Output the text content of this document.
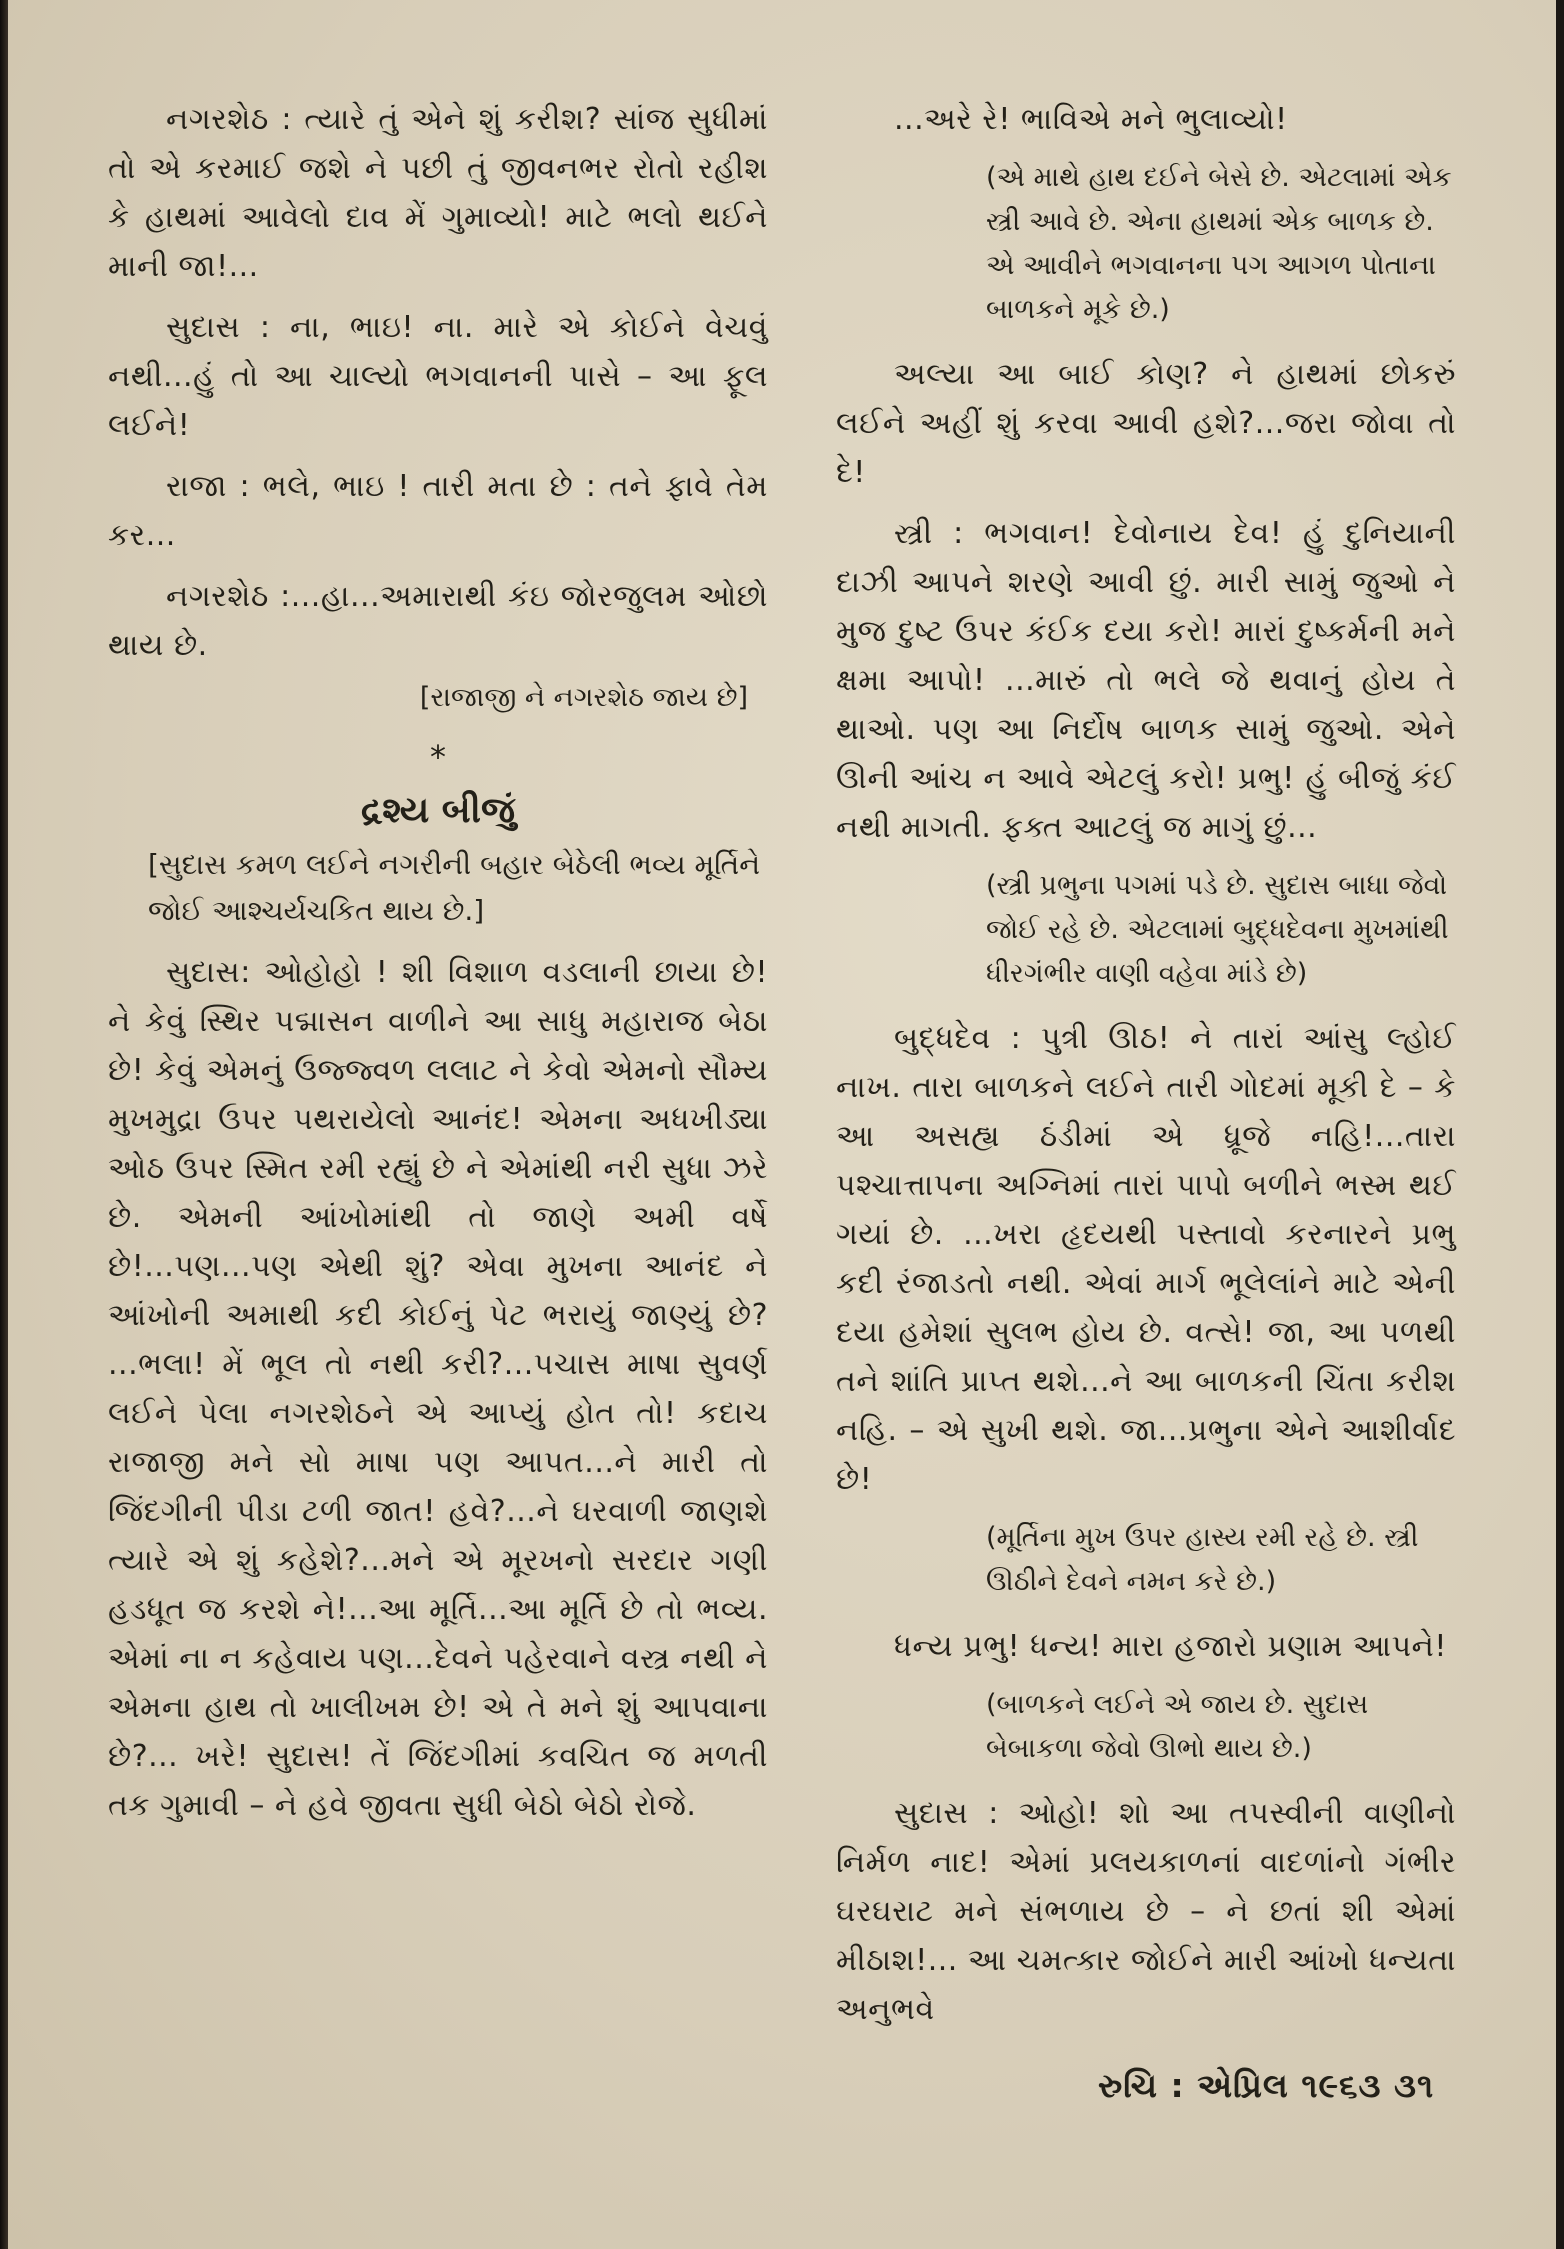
નગરશેઠ : ત્યારે તું એને શું કરીશ? સાંજ સુધીમાં તો એ કરમાઈ જશે ને પછી તું જીવનભર રોતો રહીશ કે હાથમાં આવેલો દાવ મેં ગુમાવ્યો! માટે ભલો થઈને માની જા!...

સુદાસ : ના, ભાઇ! ના. મારે એ કોઈને વેચવું નથી...હું તો આ ચાલ્યો ભગવાનની પાસે – આ ફૂલ લઈને!

રાજા : ભલે, ભાઇ ! તારી મતા છે : તને ફાવે તેમ કર...

નગરશેઠ :...હા...અમારાથી કંઇ જોરજુલમ ઓછો થાય છે.

[રાજાજી ને નગરશેઠ જાય છે]
*
દ્રશ્ય બીજું
[સુદાસ કમળ લઈને નગરીની બહાર બેઠેલી ભવ્ય મૂર્તિને જોઈ આશ્ચર્યચકિત થાય છે.]

સુદાસ: ઓહોહો ! શી વિશાળ વડલાની છાયા છે! ને કેવું સ્થિર પદ્માસન વાળીને આ સાધુ મહારાજ બેઠા છે! કેવું એમનું ઉજ્જ્વળ લલાટ ને કેવો એમનો સૌમ્ય મુખમુદ્રા ઉપર પથરાયેલો આનંદ! એમના અધખીડ્યા ઓઠ ઉપર સ્મિત રમી રહ્યું છે ને એમાંથી નરી સુધા ઝરે છે. એમની આંખોમાંથી તો જાણે અમી વર્ષે છે!...પણ...પણ એથી શું? એવા મુખના આનંદ ને આંખોની અમાથી કદી કોઈનું પેટ ભરાયું જાણ્યું છે? ...ભલા! મેં ભૂલ તો નથી કરી?...પચાસ માષા સુવર્ણ લઈને પેલા નગરશેઠને એ આપ્યું હોત તો! કદાચ રાજાજી મને સો માષા પણ આપત...ને મારી તો જિંદગીની પીડા ટળી જાત! હવે?...ને ઘરવાળી જાણશે ત્યારે એ શું કહેશે?...મને એ મૂરખનો સરદાર ગણી હડધૂત જ કરશે ને!...આ મૂર્તિ...આ મૂર્તિ છે તો ભવ્ય. એમાં ના ન કહેવાય પણ...દેવને પહેરવાને વસ્ત્ર નથી ને એમના હાથ તો ખાલીખમ છે! એ તે મને શું આપવાના છે?... ખરે! સુદાસ! તેં જિંદગીમાં કવચિત જ મળતી તક ગુમાવી – ને હવે જીવતા સુધી બેઠો બેઠો રોજે.

...અરે રે! ભાવિએ મને ભુલાવ્યો!

(એ માથે હાથ દઈને બેસે છે. એટલામાં એક સ્ત્રી આવે છે. એના હાથમાં એક બાળક છે. એ આવીને ભગવાનના પગ આગળ પોતાના બાળકને મૂકે છે.)

અલ્યા આ બાઈ કોણ? ને હાથમાં છોકરું લઈને અહીં શું કરવા આવી હશે?...જરા જોવા તો દે!

સ્ત્રી : ભગવાન! દેવોનાય દેવ! હું દુનિયાની દાઝી આપને શરણે આવી છું. મારી સામું જુઓ ને મુજ દુષ્ટ ઉપર કંઈક દયા કરો! મારાં દુષ્કર્મની મને ક્ષમા આપો! ...મારું તો ભલે જે થવાનું હોય તે થાઓ. પણ આ નિર્દોષ બાળક સામું જુઓ. એને ઊની આંચ ન આવે એટલું કરો! પ્રભુ! હું બીજું કંઈ નથી માગતી. ફક્ત આટલું જ માગું છું...

(સ્ત્રી પ્રભુના પગમાં પડે છે. સુદાસ બાધા જેવો જોઈ રહે છે. એટલામાં બુદ્ધદેવના મુખમાંથી ધીરગંભીર વાણી વહેવા માંડે છે)

બુદ્ધદેવ : પુત્રી ઊઠ! ને તારાં આંસુ લ્હોઈ નાખ. તારા બાળકને લઈને તારી ગોદમાં મૂકી દે – કે આ અસહ્ય ઠંડીમાં એ ધ્રૂજે નહિ!...તારા પશ્ચાત્તાપના અગ્નિમાં તારાં પાપો બળીને ભસ્મ થઈ ગયાં છે. ...ખરા હૃદયથી પસ્તાવો કરનારને પ્રભુ કદી રંજાડતો નથી. એવાં માર્ગ ભૂલેલાંને માટે એની દયા હમેશાં સુલભ હોય છે. વત્સે! જા, આ પળથી તને શાંતિ પ્રાપ્ત થશે...ને આ બાળકની ચિંતા કરીશ નહિ. – એ સુખી થશે. જા...પ્રભુના એને આશીર્વાદ છે!

(મૂર્તિના મુખ ઉપર હાસ્ય રમી રહે છે. સ્ત્રી ઊઠીને દેવને નમન કરે છે.)

ધન્ય પ્રભુ! ધન્ય! મારા હજારો પ્રણામ આપને!

(બાળકને લઈને એ જાય છે. સુદાસ બેબાકળા જેવો ઊભો થાય છે.)

સુદાસ : ઓહો! શો આ તપસ્વીની વાણીનો નિર્મળ નાદ! એમાં પ્રલયકાળનાં વાદળાંનો ગંભીર ઘરઘરાટ મને સંભળાય છે – ને છતાં શી એમાં મીઠાશ!... આ ચમત્કાર જોઈને મારી આંખો ધન્યતા અનુભવે

રુચિ : એપ્રિલ ૧૯૬૩ ૩૧
